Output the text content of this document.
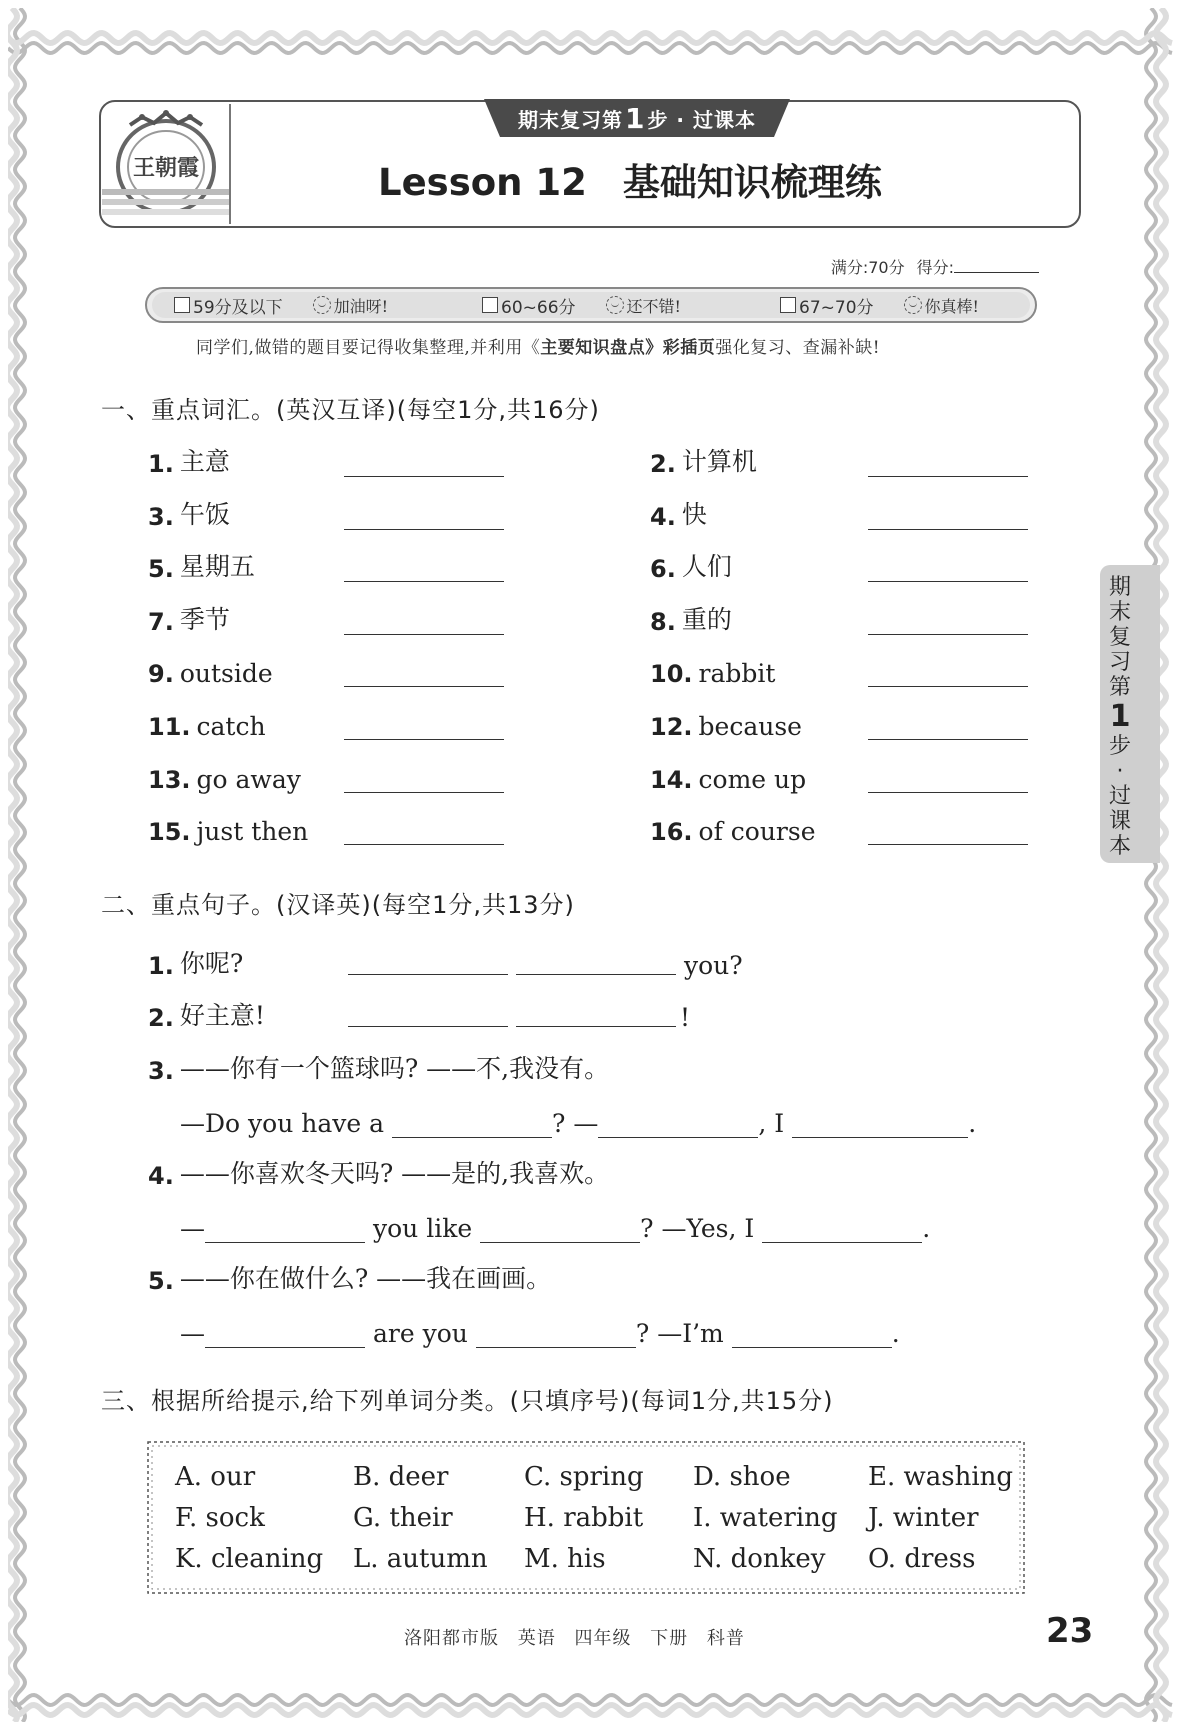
王朝霞
期末复习第 1 步 · 过课本
Lesson 12 基础知识梳理练
满分:70分 得分:
59分及以下	加油呀!	60~66分	还不错!	67~70分	你真棒!
同学们,做错的题目要记得收集整理,并利用《主要知识盘点》彩插页强化复习、查漏补缺!
一、重点词汇。(英汉互译)(每空1分,共16分)
1. 主意	2. 计算机
3. 午饭	4. 快
5. 星期五	6. 人们
7. 季节	8. 重的
9. outside	10. rabbit
11. catch	12. because
13. go away	14. come up
15. just then	16. of course
二、重点句子。(汉译英)(每空1分,共13分)
1. 你呢?	you?
2. 好主意!	!
3. ——你有一个篮球吗? ——不,我没有。
—Do you have a	? —	, I	.
4. ——你喜欢冬天吗? ——是的,我喜欢。
—	you like	? —Yes, I	.
5. ——你在做什么? ——我在画画。
—	are you	? —I’m	.
三、根据所给提示,给下列单词分类。(只填序号)(每词1分,共15分)
A. our	B. deer	C. spring D. shoe	E. washing
F. sock	G. their	H. rabbit I. watering J. winter
K. cleaning L. autumn M. his	N. donkey O. dress
洛阳都市版 英语 四年级 下册 科普	23
期
末
复
习
第
1
步
·
过
课
本
